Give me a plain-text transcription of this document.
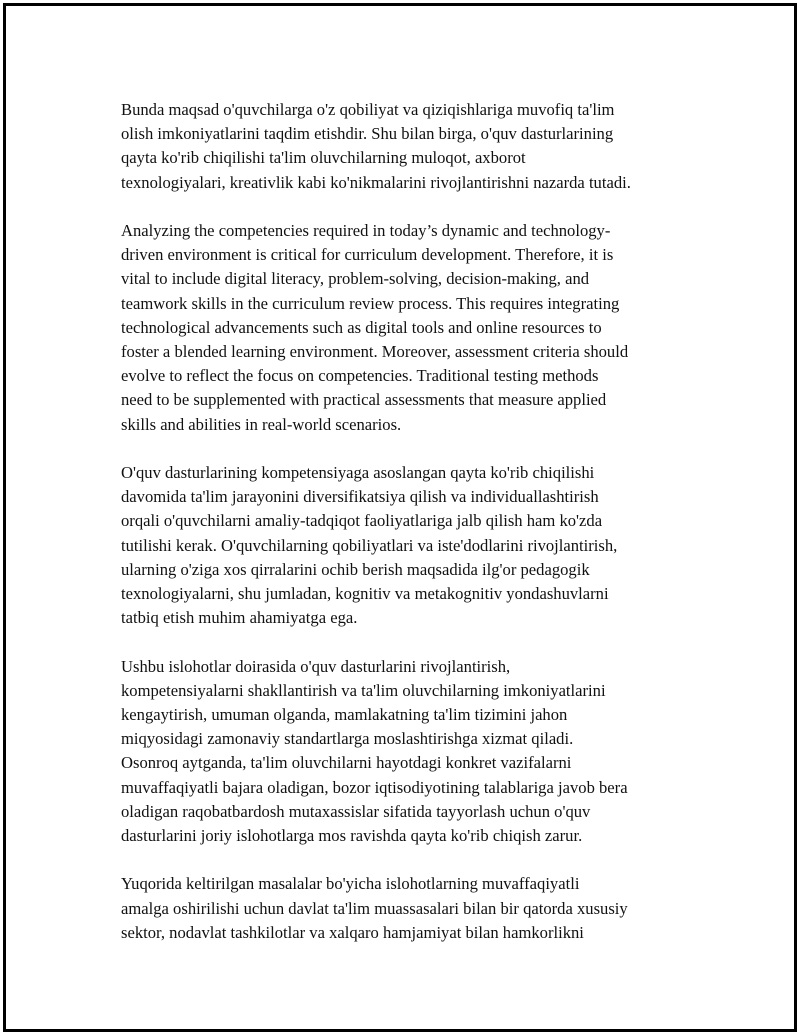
Bunda maqsad o'quvchilarga o'z qobiliyat va qiziqishlariga muvofiq ta'lim
olish imkoniyatlarini taqdim etishdir. Shu bilan birga, o'quv dasturlarining
qayta ko'rib chiqilishi ta'lim oluvchilarning muloqot, axborot
texnologiyalari, kreativlik kabi ko'nikmalarini rivojlantirishni nazarda tutadi.

Analyzing the competencies required in today’s dynamic and technology-
driven environment is critical for curriculum development. Therefore, it is
vital to include digital literacy, problem-solving, decision-making, and
teamwork skills in the curriculum review process. This requires integrating
technological advancements such as digital tools and online resources to
foster a blended learning environment. Moreover, assessment criteria should
evolve to reflect the focus on competencies. Traditional testing methods
need to be supplemented with practical assessments that measure applied
skills and abilities in real-world scenarios.

O'quv dasturlarining kompetensiyaga asoslangan qayta ko'rib chiqilishi
davomida ta'lim jarayonini diversifikatsiya qilish va individuallashtirish
orqali o'quvchilarni amaliy-tadqiqot faoliyatlariga jalb qilish ham ko'zda
tutilishi kerak. O'quvchilarning qobiliyatlari va iste'dodlarini rivojlantirish,
ularning o'ziga xos qirralarini ochib berish maqsadida ilg'or pedagogik
texnologiyalarni, shu jumladan, kognitiv va metakognitiv yondashuvlarni
tatbiq etish muhim ahamiyatga ega.

Ushbu islohotlar doirasida o'quv dasturlarini rivojlantirish,
kompetensiyalarni shakllantirish va ta'lim oluvchilarning imkoniyatlarini
kengaytirish, umuman olganda, mamlakatning ta'lim tizimini jahon
miqyosidagi zamonaviy standartlarga moslashtirishga xizmat qiladi.
Osonroq aytganda, ta'lim oluvchilarni hayotdagi konkret vazifalarni
muvaffaqiyatli bajara oladigan, bozor iqtisodiyotining talablariga javob bera
oladigan raqobatbardosh mutaxassislar sifatida tayyorlash uchun o'quv
dasturlarini joriy islohotlarga mos ravishda qayta ko'rib chiqish zarur.

Yuqorida keltirilgan masalalar bo'yicha islohotlarning muvaffaqiyatli
amalga oshirilishi uchun davlat ta'lim muassasalari bilan bir qatorda xususiy
sektor, nodavlat tashkilotlar va xalqaro hamjamiyat bilan hamkorlikni
